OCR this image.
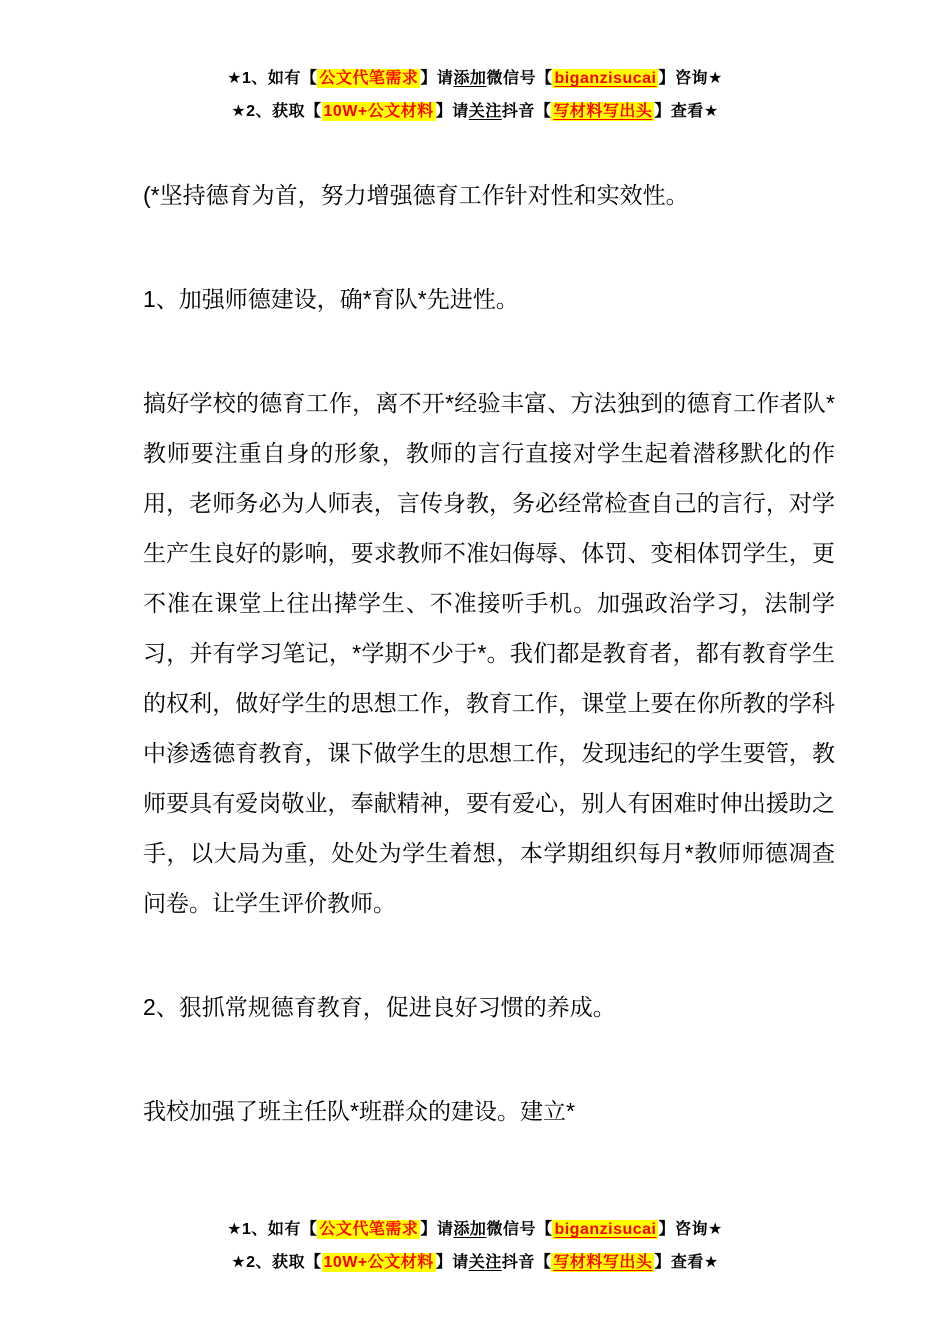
★1、如有【 公文代笔需求 】请添加微信号【 biganzisucai 】咨询★
★2、获取【 10W+公文材料 】请关注抖音【 写材料写出头 】查看★

(*坚持德育为首，努力增强德育工作针对性和实效性。

1、加强师德建设，确*育队*先进性。

搞好学校的德育工作，离不开*经验丰富、方法独到的德育工作者队*教师要注重自身的形象，教师的言行直接对学生起着潜移默化的作用，老师务必为人师表，言传身教，务必经常检查自己的言行，对学生产生良好的影响，要求教师不准妇侮辱、体罚、变相体罚学生，更不准在课堂上往出撵学生、不准接听手机。加强政治学习，法制学习，并有学习笔记，*学期不少于*。我们都是教育者，都有教育学生的权利，做好学生的思想工作，教育工作，课堂上要在你所教的学科中渗透德育教育，课下做学生的思想工作，发现违纪的学生要管，教师要具有爱岗敬业，奉献精神，要有爱心，别人有困难时伸出援助之手，以大局为重，处处为学生着想，本学期组织每月*教师师德凋查问卷。让学生评价教师。

2、狠抓常规德育教育，促进良好习惯的养成。

我校加强了班主任队*班群众的建设。建立*

★1、如有【 公文代笔需求 】请添加微信号【 biganzisucai 】咨询★
★2、获取【 10W+公文材料 】请关注抖音【 写材料写出头 】查看★
